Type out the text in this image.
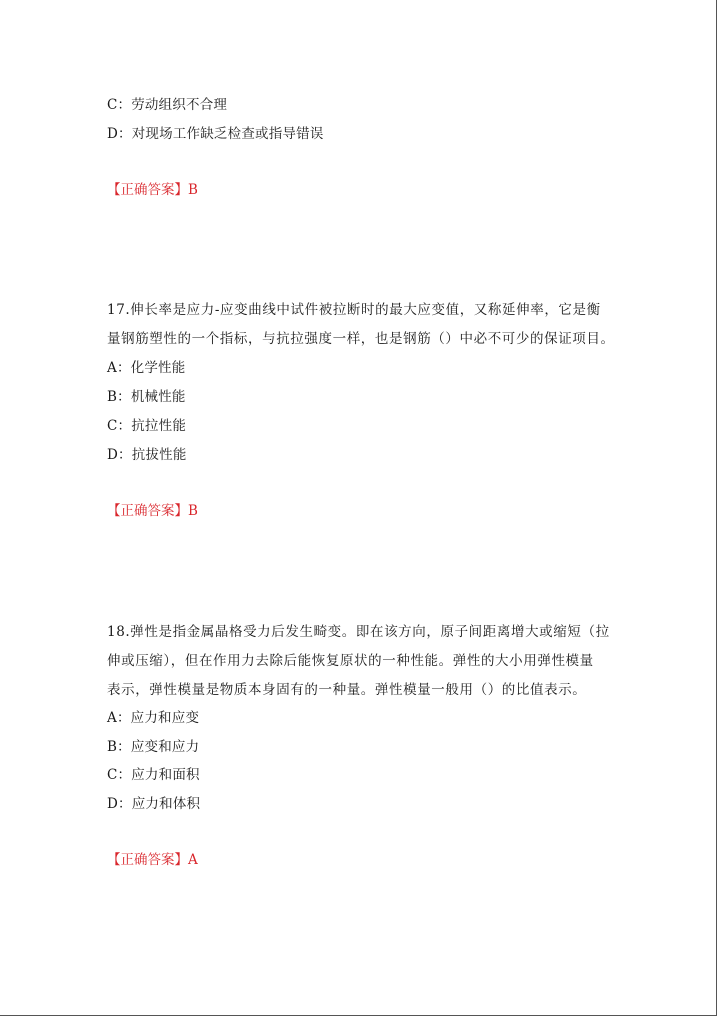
C：劳动组织不合理
D：对现场工作缺乏检查或指导错误
【正确答案】B
17.伸长率是应力-应变曲线中试件被拉断时的最大应变值，又称延伸率，它是衡
量钢筋塑性的一个指标，与抗拉强度一样，也是钢筋（）中必不可少的保证项目。
A：化学性能
B：机械性能
C：抗拉性能
D：抗拔性能
【正确答案】B
18.弹性是指金属晶格受力后发生畸变。即在该方向，原子间距离增大或缩短（拉
伸或压缩），但在作用力去除后能恢复原状的一种性能。弹性的大小用弹性模量
表示，弹性模量是物质本身固有的一种量。弹性模量一般用（）的比值表示。
A：应力和应变
B：应变和应力
C：应力和面积
D：应力和体积
【正确答案】A
